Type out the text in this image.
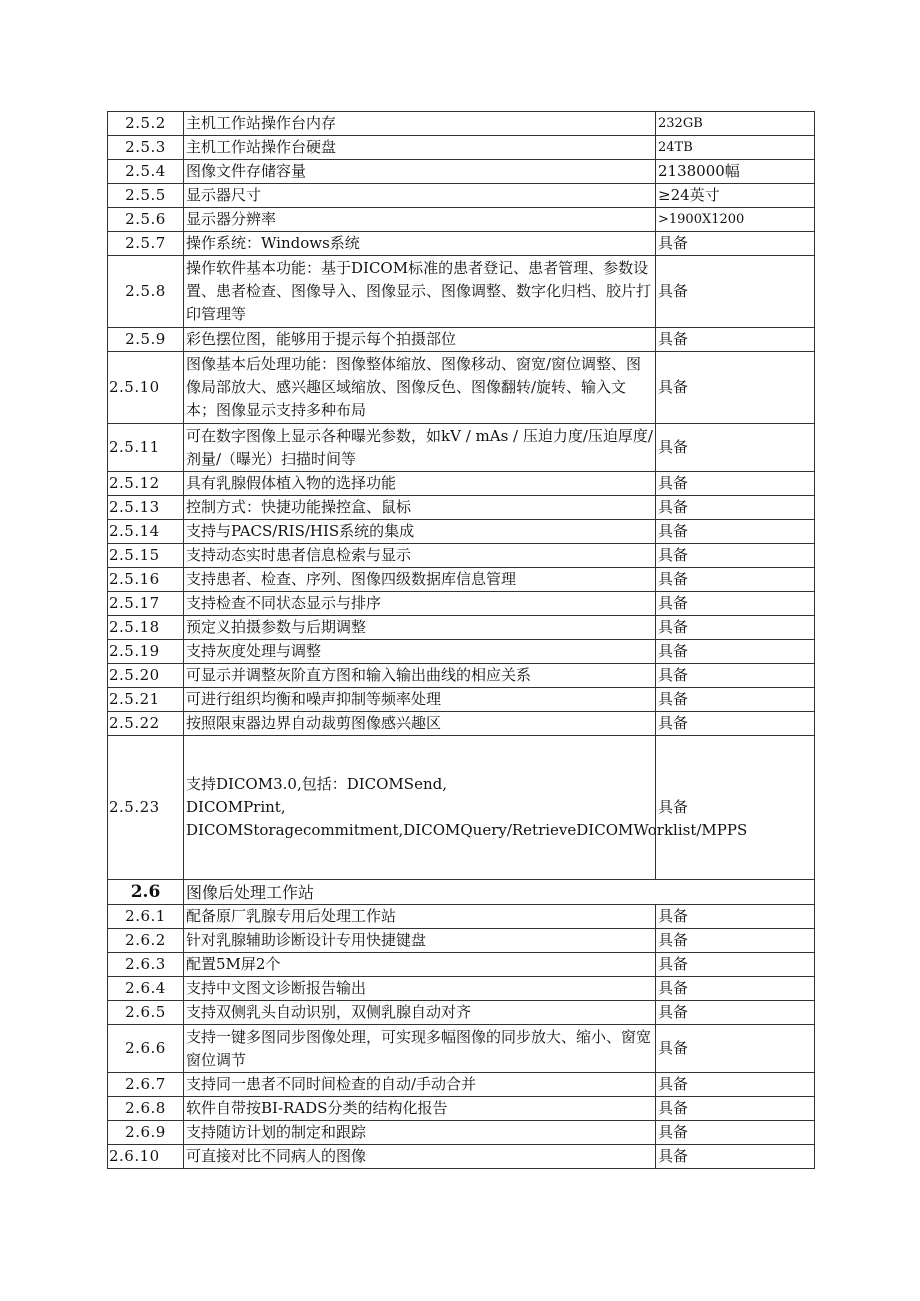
2.5.2	主机工作站操作台内存	232GB
2.5.3	主机工作站操作台硬盘	24TB
2.5.4	图像文件存储容量	2138000幅
2.5.5	显示器尺寸	≥24英寸
2.5.6	显示器分辨率	>1900X1200
2.5.7	操作系统：Windows系统	具备
2.5.8	操作软件基本功能：基于DICOM标准的患者登记、患者管理、参数设置、患者检查、图像导入、图像显示、图像调整、数字化归档、胶片打印管理等	具备
2.5.9	彩色摆位图，能够用于提示每个拍摄部位	具备
2.5.10	图像基本后处理功能：图像整体缩放、图像移动、窗宽/窗位调整、图像局部放大、感兴趣区域缩放、图像反色、图像翻转/旋转、输入文本；图像显示支持多种布局	具备
2.5.11	可在数字图像上显示各种曝光参数，如kV / mAs / 压迫力度/压迫厚度/剂量/（曝光）扫描时间等	具备
2.5.12	具有乳腺假体植入物的选择功能	具备
2.5.13	控制方式：快捷功能操控盒、鼠标	具备
2.5.14	支持与PACS/RIS/HIS系统的集成	具备
2.5.15	支持动态实时患者信息检索与显示	具备
2.5.16	支持患者、检查、序列、图像四级数据库信息管理	具备
2.5.17	支持检查不同状态显示与排序	具备
2.5.18	预定义拍摄参数与后期调整	具备
2.5.19	支持灰度处理与调整	具备
2.5.20	可显示并调整灰阶直方图和输入输出曲线的相应关系	具备
2.5.21	可进行组织均衡和噪声抑制等频率处理	具备
2.5.22	按照限束器边界自动裁剪图像感兴趣区	具备
2.5.23	支持DICOM3.0,包括：DICOMSend,
DICOMPrint,
DICOMStoragecommitment,DICOMQuery/RetrieveDICOMWorklist/MPPS	具备
2.6	图像后处理工作站	
2.6.1	配备原厂乳腺专用后处理工作站	具备
2.6.2	针对乳腺辅助诊断设计专用快捷键盘	具备
2.6.3	配置5M屏2个	具备
2.6.4	支持中文图文诊断报告输出	具备
2.6.5	支持双侧乳头自动识别，双侧乳腺自动对齐	具备
2.6.6	支持一键多图同步图像处理，可实现多幅图像的同步放大、缩小、窗宽窗位调节	具备
2.6.7	支持同一患者不同时间检查的自动/手动合并	具备
2.6.8	软件自带按BI-RADS分类的结构化报告	具备
2.6.9	支持随访计划的制定和跟踪	具备
2.6.10	可直接对比不同病人的图像	具备
